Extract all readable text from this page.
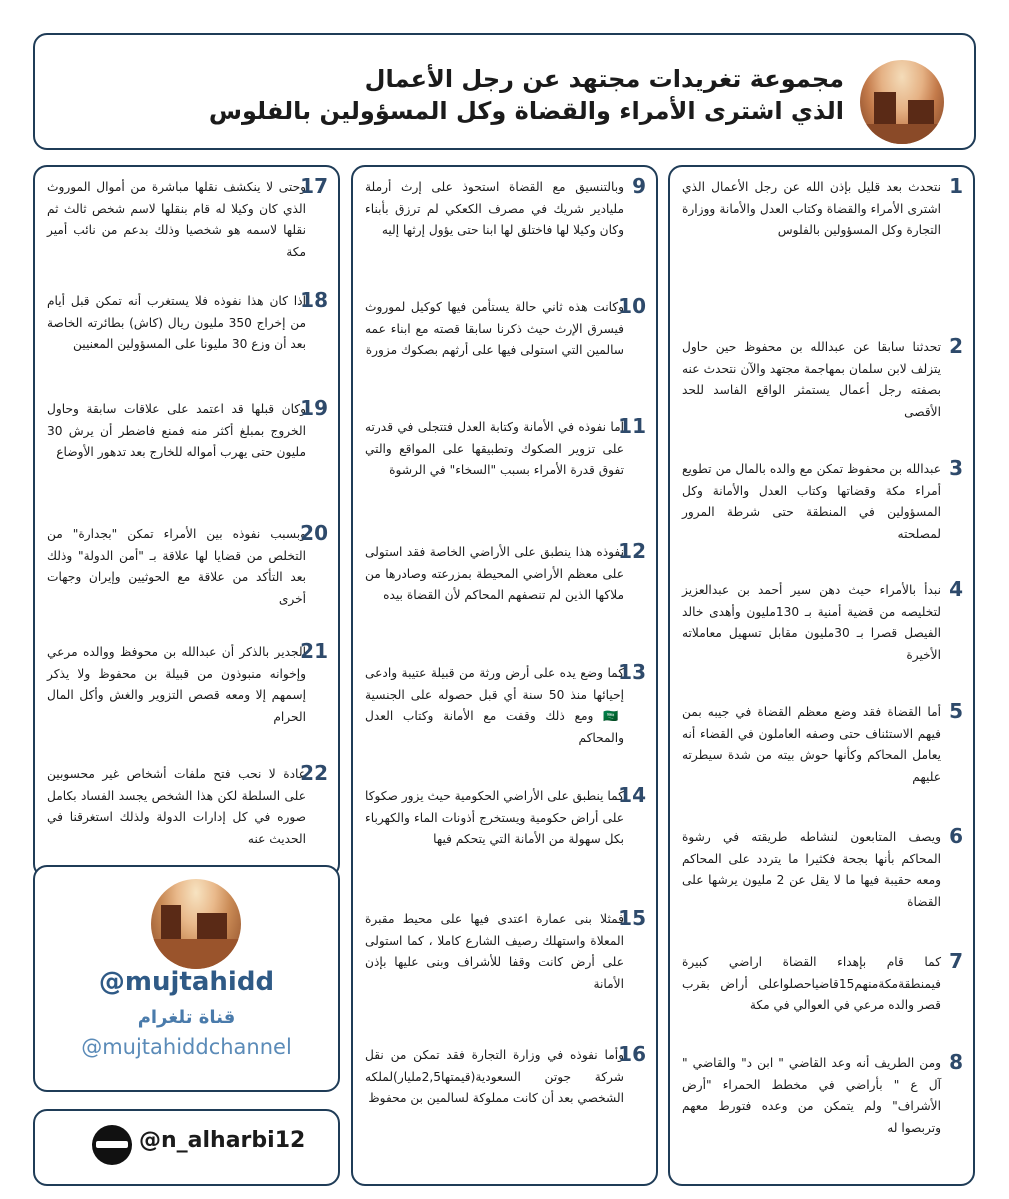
مجموعة تغريدات مجتهد عن رجل الأعمال
الذي اشترى الأمراء والقضاة وكل المسؤولين بالفلوس
1
نتحدث بعد قليل بإذن الله عن رجل الأعمال الذي اشترى الأمراء والقضاة وكتاب العدل والأمانة ووزارة التجارة وكل المسؤولين بالفلوس
2
تحدثنا سابقا عن عبدالله بن محفوظ حين حاول يتزلف لابن سلمان بمهاجمة مجتهد والآن نتحدث عنه بصفته رجل أعمال يستمثر الواقع الفاسد للحد الأقصى
3
عبدالله بن محفوظ تمكن مع والده بالمال من تطويع أمراء مكة وقضاتها وكتاب العدل والأمانة وكل المسؤولين في المنطقة حتى شرطة المرور لمصلحته
4
نبدأ بالأمراء حيث دهن سير أحمد بن عبدالعزيز لتخليصه من قضية أمنية بـ 130مليون وأهدى خالد الفيصل قصرا بـ 30مليون مقابل تسهيل معاملاته الأخيرة
5
أما القضاة فقد وضع معظم القضاة في جيبه بمن فيهم الاستئناف حتى وصفه العاملون في القضاء أنه يعامل المحاكم وكأنها حوش بيته من شدة سيطرته عليهم
6
ويصف المتابعون لنشاطه طريقته في رشوة المحاكم بأنها بجحة فكثيرا ما يتردد على المحاكم ومعه حقيبة فيها ما لا يقل عن 2 مليون يرشها على القضاة
7
كما قام بإهداء القضاة اراضي كبيرة فيمنطقةمكةمنهم15قاضياحصلواعلى أراض بقرب قصر والده مرعي في العوالي في مكة
8
ومن الطريف أنه وعد القاضي " ابن د" والقاضي " آل ع " بأراضي في مخطط الحمراء "أرض الأشراف" ولم يتمكن من وعده فتورط معهم وتربصوا له
9
وبالتنسيق مع القضاة استحوذ على إرث أرملة مليادير شريك في مصرف الكعكي لم ترزق بأبناء وكان وكيلا لها فاختلق لها ابنا حتى يؤول إرثها إليه
10
وكانت هذه ثاني حالة يستأمن فيها كوكيل لموروث فيسرق الإرث حيث ذكرنا سابقا قصته مع ابناء عمه سالمين التي استولى فيها على أرثهم بصكوك مزورة
11
أما نفوذه في الأمانة وكتابة العدل فتتجلى في قدرته على تزوير الصكوك وتطبيقها على المواقع والتي تفوق قدرة الأمراء بسبب "السخاء" في الرشوة
12
نفوذه هذا ينطبق على الأراضي الخاصة فقد استولى على معظم الأراضي المحيطة بمزرعته وصادرها من ملاكها الذين لم تنصفهم المحاكم لأن القضاة بيده
13
كما وضع يده على أرض ورثة من قبيلة عتيبة وادعى إحيائها منذ 50 سنة أي قبل حصوله على الجنسية 🇸🇦 ومع ذلك وقفت مع الأمانة وكتاب العدل والمحاكم
14
كما ينطبق على الأراضي الحكومية حيث يزور صكوكا على أراض حكومية ويستخرج أذونات الماء والكهرباء بكل سهولة من الأمانة التي يتحكم فيها
15
فمثلا بنى عمارة اعتدى فيها على محيط مقبرة المعلاة واستهلك رصيف الشارع كاملا ، كما استولى على أرض كانت وقفا للأشراف وبنى عليها بإذن الأمانة
16
وأما نفوذه في وزارة التجارة فقد تمكن من نقل شركة جوتن السعودية(قيمتها2,5مليار)لملكه الشخصي بعد أن كانت مملوكة لسالمين بن محفوظ
17
وحتى لا ينكشف نقلها مباشرة من أموال الموروث الذي كان وكيلا له قام بنقلها لاسم شخص ثالث ثم نقلها لاسمه هو شخصيا وذلك بدعم من نائب أمير مكة
18
اذا كان هذا نفوذه فلا يستغرب أنه تمكن قبل أيام من إخراج 350 مليون ريال (كاش) بطائرته الخاصة بعد أن وزع 30 مليونا على المسؤولين المعنيين
19
وكان قبلها قد اعتمد على علاقات سابقة وحاول الخروج بمبلغ أكثر منه فمنع فاضطر أن يرش 30 مليون حتى يهرب أمواله للخارج بعد تدهور الأوضاع
20
وبسبب نفوذه بين الأمراء تمكن "بجدارة" من التخلص من قضايا لها علاقة بـ "أمن الدولة" وذلك بعد التأكد من علاقة مع الحوثيين وإيران وجهات أخرى
21
الجدير بالذكر أن عبدالله بن محوفظ ووالده مرعي وإخوانه منبوذون من قبيلة بن محفوظ ولا يذكر إسمهم إلا ومعه قصص التزوير والغش وأكل المال الحرام
22
عادة لا نحب فتح ملفات أشخاص غير محسوبين على السلطة لكن هذا الشخص يجسد الفساد بكامل صوره في كل إدارات الدولة ولذلك استغرقنا في الحديث عنه
@mujtahidd
قناة تلغرام
@mujtahiddchannel
@n_alharbi12
